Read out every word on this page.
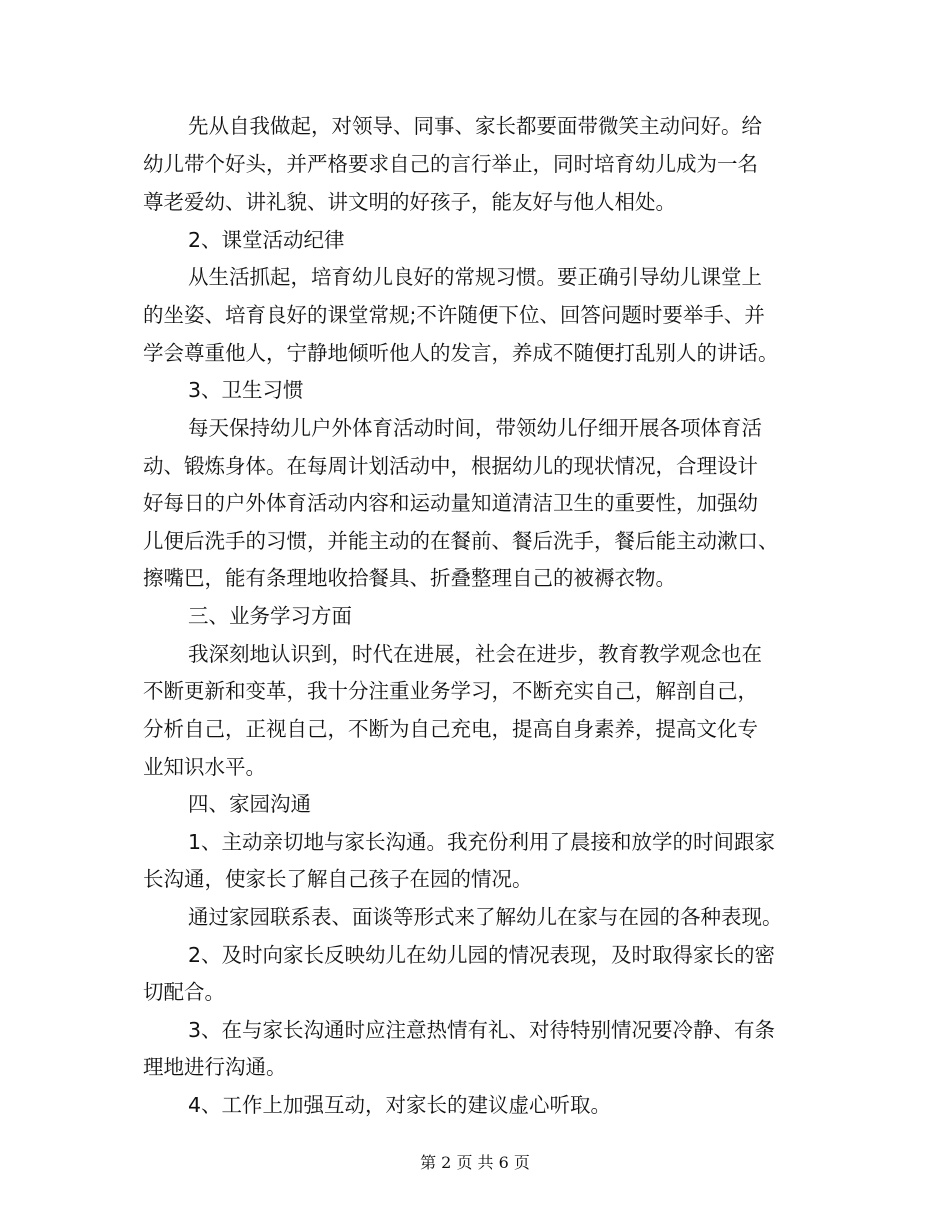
先从自我做起，对领导、同事、家长都要面带微笑主动问好。给
幼儿带个好头，并严格要求自己的言行举止，同时培育幼儿成为一名
尊老爱幼、讲礼貌、讲文明的好孩子，能友好与他人相处。
2、课堂活动纪律
从生活抓起，培育幼儿良好的常规习惯。要正确引导幼儿课堂上
的坐姿、培育良好的课堂常规;不许随便下位、回答问题时要举手、并
学会尊重他人，宁静地倾听他人的发言，养成不随便打乱别人的讲话。
3、卫生习惯
每天保持幼儿户外体育活动时间，带领幼儿仔细开展各项体育活
动、锻炼身体。在每周计划活动中，根据幼儿的现状情况，合理设计
好每日的户外体育活动内容和运动量知道清洁卫生的重要性，加强幼
儿便后洗手的习惯，并能主动的在餐前、餐后洗手，餐后能主动漱口、
擦嘴巴，能有条理地收拾餐具、折叠整理自己的被褥衣物。
三、业务学习方面
我深刻地认识到，时代在进展，社会在进步，教育教学观念也在
不断更新和变革，我十分注重业务学习，不断充实自己，解剖自己，
分析自己，正视自己，不断为自己充电，提高自身素养，提高文化专
业知识水平。
四、家园沟通
1、主动亲切地与家长沟通。我充份利用了晨接和放学的时间跟家
长沟通，使家长了解自己孩子在园的情况。
通过家园联系表、面谈等形式来了解幼儿在家与在园的各种表现。
2、及时向家长反映幼儿在幼儿园的情况表现，及时取得家长的密
切配合。
3、在与家长沟通时应注意热情有礼、对待特别情况要冷静、有条
理地进行沟通。
4、工作上加强互动，对家长的建议虚心听取。
第 2 页 共 6 页
